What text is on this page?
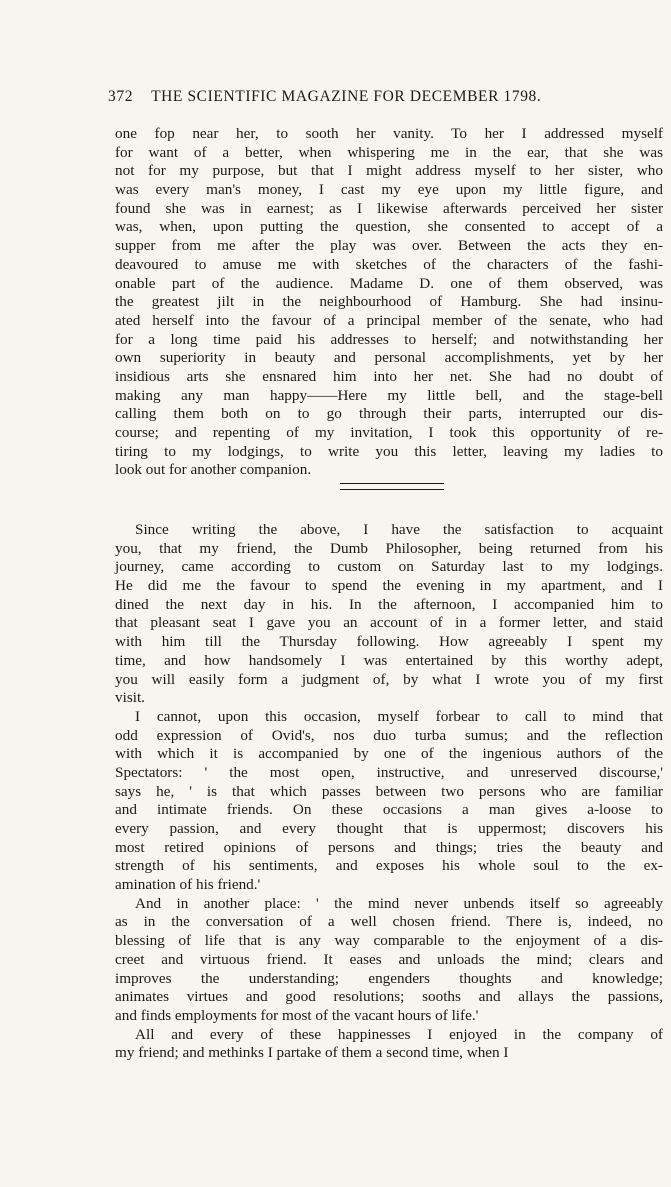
372 THE SCIENTIFIC MAGAZINE FOR DECEMBER 1798.
one fop near her, to sooth her vanity. To her I addressed myself
for want of a better, when whispering me in the ear, that she was
not for my purpose, but that I might address myself to her sister, who
was every man's money, I cast my eye upon my little figure, and
found she was in earnest; as I likewise afterwards perceived her sister
was, when, upon putting the question, she consented to accept of a
supper from me after the play was over. Between the acts they en-
deavoured to amuse me with sketches of the characters of the fashi-
onable part of the audience. Madame D. one of them observed, was
the greatest jilt in the neighbourhood of Hamburg. She had insinu-
ated herself into the favour of a principal member of the senate, who had
for a long time paid his addresses to herself; and notwithstanding her
own superiority in beauty and personal accomplishments, yet by her
insidious arts she ensnared him into her net. She had no doubt of
making any man happy——Here my little bell, and the stage-bell
calling them both on to go through their parts, interrupted our dis-
course; and repenting of my invitation, I took this opportunity of re-
tiring to my lodgings, to write you this letter, leaving my ladies to
look out for another companion.
Since writing the above, I have the satisfaction to acquaint
you, that my friend, the Dumb Philosopher, being returned from his
journey, came according to custom on Saturday last to my lodgings.
He did me the favour to spend the evening in my apartment, and I
dined the next day in his. In the afternoon, I accompanied him to
that pleasant seat I gave you an account of in a former letter, and staid
with him till the Thursday following. How agreeably I spent my
time, and how handsomely I was entertained by this worthy adept,
you will easily form a judgment of, by what I wrote you of my first
visit.
I cannot, upon this occasion, myself forbear to call to mind that
odd expression of Ovid's, nos duo turba sumus; and the reflection
with which it is accompanied by one of the ingenious authors of the
Spectators: ' the most open, instructive, and unreserved discourse,'
says he, ' is that which passes between two persons who are familiar
and intimate friends. On these occasions a man gives a-loose to
every passion, and every thought that is uppermost; discovers his
most retired opinions of persons and things; tries the beauty and
strength of his sentiments, and exposes his whole soul to the ex-
amination of his friend.'
And in another place: ' the mind never unbends itself so agreeably
as in the conversation of a well chosen friend. There is, indeed, no
blessing of life that is any way comparable to the enjoyment of a dis-
creet and virtuous friend. It eases and unloads the mind; clears and
improves the understanding; engenders thoughts and knowledge;
animates virtues and good resolutions; sooths and allays the passions,
and finds employments for most of the vacant hours of life.'
All and every of these happinesses I enjoyed in the company of
my friend; and methinks I partake of them a second time, when I
